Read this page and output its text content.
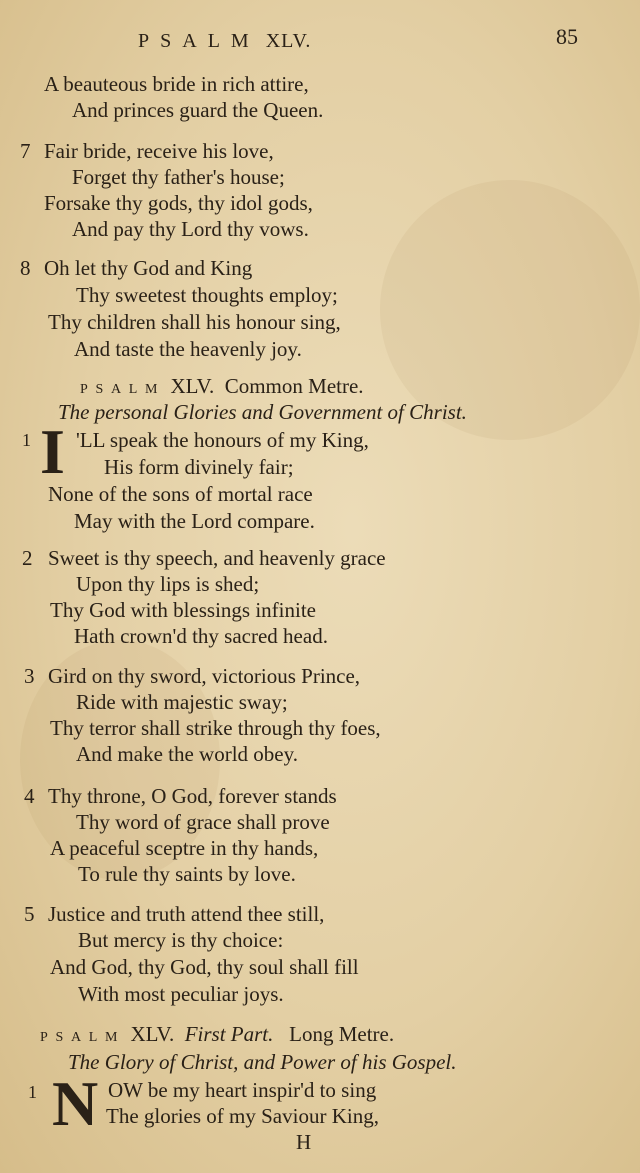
PSALM XLV.	85
A beauteous bride in rich attire,
And princes guard the Queen.
7 Fair bride, receive his love,
Forget thy father's house;
Forsake thy gods, thy idol gods,
And pay thy Lord thy vows.
8 Oh let thy God and King
Thy sweetest thoughts employ;
Thy children shall his honour sing,
And taste the heavenly joy.
PSALM XLV. Common Metre.
The personal Glories and Government of Christ.
1 I 'LL speak the honours of my King,
His form divinely fair;
None of the sons of mortal race
May with the Lord compare.
2 Sweet is thy speech, and heavenly grace
Upon thy lips is shed;
Thy God with blessings infinite
Hath crown'd thy sacred head.
3 Gird on thy sword, victorious Prince,
Ride with majestic sway;
Thy terror shall strike through thy foes,
And make the world obey.
4 Thy throne, O God, forever stands
Thy word of grace shall prove
A peaceful sceptre in thy hands,
To rule thy saints by love.
5 Justice and truth attend thee still,
But mercy is thy choice:
And God, thy God, thy soul shall fill
With most peculiar joys.
PSALM XLV. First Part. Long Metre.
The Glory of Christ, and Power of his Gospel.
1 N OW be my heart inspir'd to sing
The glories of my Saviour King,
H
